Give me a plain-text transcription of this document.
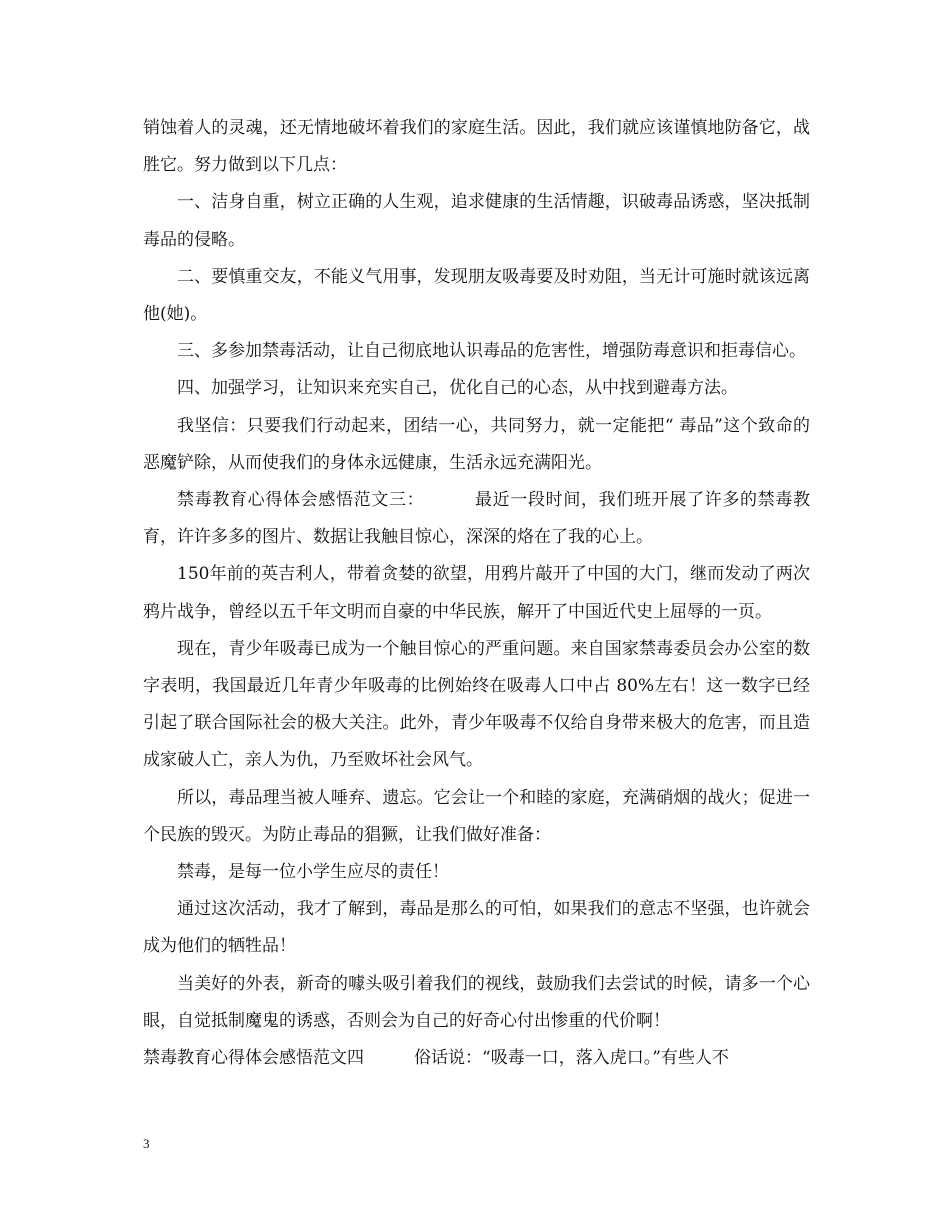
销蚀着人的灵魂，还无情地破坏着我们的家庭生活。因此，我们就应该谨慎地防备它，战胜它。努力做到以下几点：

一、洁身自重，树立正确的人生观，追求健康的生活情趣，识破毒品诱惑，坚决抵制毒品的侵略。

二、要慎重交友，不能义气用事，发现朋友吸毒要及时劝阻，当无计可施时就该远离他(她)。

三、多参加禁毒活动，让自己彻底地认识毒品的危害性，增强防毒意识和拒毒信心。

四、加强学习，让知识来充实自己，优化自己的心态，从中找到避毒方法。

我坚信：只要我们行动起来，团结一心，共同努力，就一定能把“ 毒品”这个致命的恶魔铲除，从而使我们的身体永远健康，生活永远充满阳光。

禁毒教育心得体会感悟范文三：	最近一段时间，我们班开展了许多的禁毒教育，许许多多的图片、数据让我触目惊心，深深的烙在了我的心上。

150年前的英吉利人，带着贪婪的欲望，用鸦片敲开了中国的大门，继而发动了两次鸦片战争，曾经以五千年文明而自豪的中华民族，解开了中国近代史上屈辱的一页。

现在，青少年吸毒已成为一个触目惊心的严重问题。来自国家禁毒委员会办公室的数字表明，我国最近几年青少年吸毒的比例始终在吸毒人口中占 80%左右！这一数字已经引起了联合国际社会的极大关注。此外，青少年吸毒不仅给自身带来极大的危害，而且造成家破人亡，亲人为仇，乃至败坏社会风气。

所以，毒品理当被人唾弃、遗忘。它会让一个和睦的家庭，充满硝烟的战火；促进一个民族的毁灭。为防止毒品的猖獗，让我们做好准备：

禁毒，是每一位小学生应尽的责任！

通过这次活动，我才了解到，毒品是那么的可怕，如果我们的意志不坚强，也许就会成为他们的牺牲品！

当美好的外表，新奇的噱头吸引着我们的视线，鼓励我们去尝试的时候，请多一个心眼，自觉抵制魔鬼的诱惑，否则会为自己的好奇心付出惨重的代价啊！

禁毒教育心得体会感悟范文四	俗话说：“吸毒一口，落入虎口。”有些人不

3
